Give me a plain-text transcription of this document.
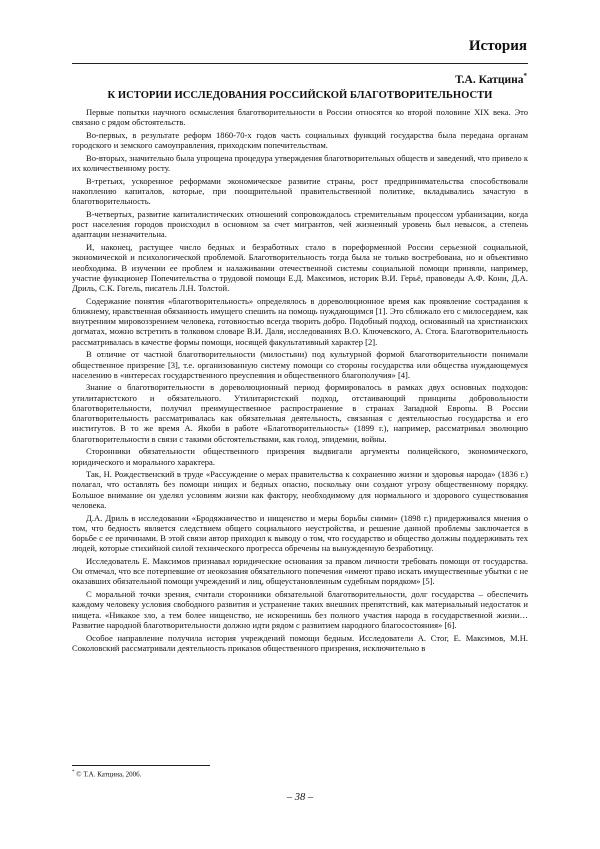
История
Т.А. Катцина*
К ИСТОРИИ ИССЛЕДОВАНИЯ РОССИЙСКОЙ БЛАГОТВОРИТЕЛЬНОСТИ

Первые попытки научного осмысления благотворительности в России относятся ко второй половине XIX века. Это связано с рядом обстоятельств.

Во-первых, в результате реформ 1860-70-х годов часть социальных функций государства была передана органам городского и земского самоуправления, приходским попечительствам.

Во-вторых, значительно была упрощена процедура утверждения благотворительных обществ и заведений, что привело к их количественному росту.

В-третьих, ускоренное реформами экономическое развитие страны, рост предпринимательства способствовали накоплению капиталов, которые, при поощрительной правительственной политике, вкладывались зачастую в благотворительность.

В-четвертых, развитие капиталистических отношений сопровождалось стремительным процессом урбанизации, когда рост населения городов происходил в основном за счет мигрантов, чей жизненный уровень был невысок, а степень адаптации незначительна.

И, наконец, растущее число бедных и безработных стало в пореформенной России серьезной социальной, экономической и психологической проблемой. Благотворительность тогда была не только востребована, но и объективно необходима. В изучении ее проблем и налаживании отечественной системы социальной помощи приняли, например, участие функционер Попечительства о трудовой помощи Е.Д. Максимов, историк В.И. Герьё, правоведы А.Ф. Кони, Д.А. Дриль, С.К. Гогель, писатель Л.Н. Толстой.

Содержание понятия «благотворительность» определялось в дореволюционное время как проявление сострадания к ближнему, нравственная обязанность имущего спешить на помощь нуждающимся [1]. Это сближало его с милосердием, как внутренним мировоззрением человека, готовностью всегда творить добро. Подобный подход, основанный на христианских догматах, можно встретить в толковом словаре В.И. Даля, исследованиях В.О. Ключевского, А. Стога. Благотворительность рассматривалась в качестве формы помощи, носящей факультативный характер [2].

В отличие от частной благотворительности (милостыни) под культурной формой благотворительности понимали общественное призрение [3], т.е. организованную систему помощи со стороны государства или общества нуждающемуся населению в «интересах государственного преуспеяния и общественного благополучия» [4].

Знание о благотворительности в дореволюционный период формировалось в рамках двух основных подходов: утилитаристского и обязательного. Утилитаристский подход, отстаивающий принципы добровольности благотворительности, получил преимущественное распространение в странах Западной Европы. В России благотворительность рассматривалась как обязательная деятельность, связанная с деятельностью государства и его институтов. В то же время А. Якоби в работе «Благотворительность» (1899 г.), например, рассматривал эволюцию благотворительности в связи с такими обстоятельствами, как голод, эпидемии, войны.

Сторонники обязательности общественного призрения выдвигали аргументы полицейского, экономического, юридического и морального характера.

Так, Н. Рождественский в труде «Рассуждение о мерах правительства к сохранению жизни и здоровья народа» (1836 г.) полагал, что оставлять без помощи нищих и бедных опасно, поскольку они создают угрозу общественному порядку. Большое внимание он уделял условиям жизни как фактору, необходимому для нормального и здорового существования человека.

Д.А. Дриль в исследовании «Бродяжничество и нищенство и меры борьбы сними» (1898 г.) придерживался мнения о том, что бедность является следствием общего социального неустройства, и решение данной проблемы заключается в борьбе с ее причинами. В этой связи автор приходил к выводу о том, что государство и общество должны поддерживать тех людей, которые стихийной силой технического прогресса обречены на вынужденную безработицу.

Исследователь Е. Максимов признавал юридические основания за правом личности требовать помощи от государства. Он отмечал, что все потерпевшие от неокозания обязательного попечения «имеют право искать имущественные убытки с не оказавших обязательной помощи учреждений и лиц, общеустановленным судебным порядком» [5].

С моральной точки зрения, считали сторонники обязательной благотворительности, долг государства – обеспечить каждому человеку условия свободного развития и устранение таких внешних препятствий, как материальный недостаток и нищета. «Никакое зло, а тем более нищенство, не искоренишь без полного участия народа в государственной жизни… Развитие народной благотворительности должно идти рядом с развитием народного благосостояния» [6].

Особое направление получила история учреждений помощи бедным. Исследователи А. Стог, Е. Максимов, М.Н. Соколовский рассматривали деятельность приказов общественного призрения, исключительно в

* © Т.А. Катцина, 2006.
– 38 –
